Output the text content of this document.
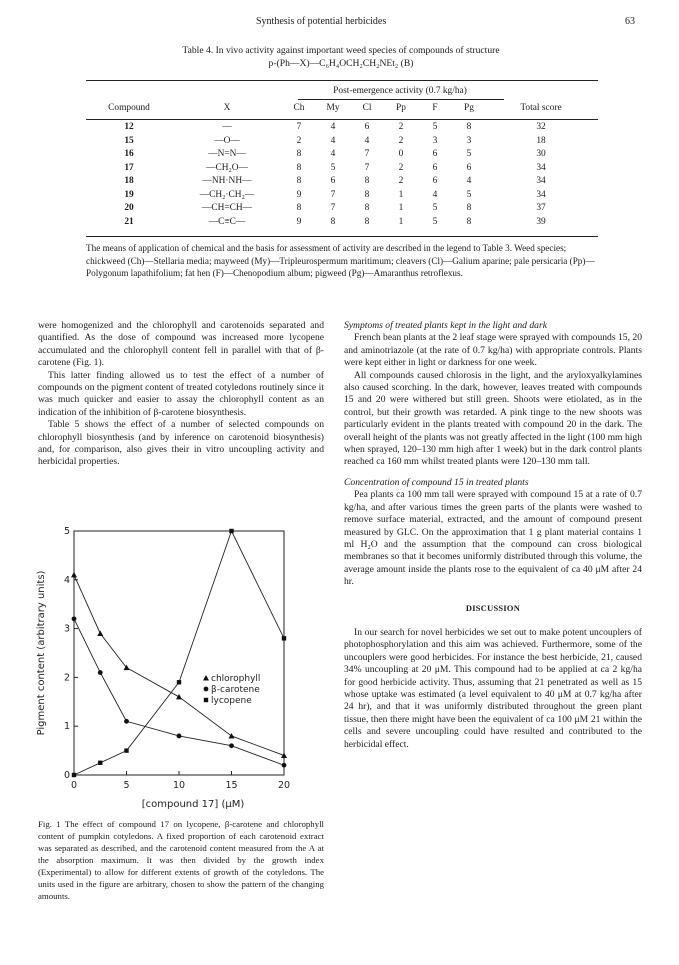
Synthesis of potential herbicides	63
Table 4. In vivo activity against important weed species of compounds of structure
p-(Ph—X)—C₆H₄OCH₂CH₂NEt₂ (B)
Post-emergence activity (0.7 kg/ha)
Compound	X	Ch	My	Cl	Pp	F	Pg	Total score
12	—	7	4	6	2	5	8	32
15	—O—	2	4	4	2	3	3	18
16	—N=N—	8	4	7	0	6	5	30
17	—CH₂O—	8	5	7	2	6	6	34
18	—NH·NH—	8	6	8	2	6	4	34
19	—CH₂·CH₂—	9	7	8	1	4	5	34
20	—CH=CH—	8	7	8	1	5	8	37
21	—C≡C—	9	8	8	1	5	8	39
The means of application of chemical and the basis for assessment of activity are described in the legend to Table 3. Weed species; chickweed (Ch)—Stellaria media; mayweed (My)—Tripleurospermum maritimum; cleavers (Cl)—Galium aparine; pale persicaria (Pp)—Polygonum lapathifolium; fat hen (F)—Chenopodium album; pigweed (Pg)—Amaranthus retroflexus.

were homogenized and the chlorophyll and carotenoids separated and quantified. As the dose of compound was increased more lycopene accumulated and the chlorophyll content fell in parallel with that of β-carotene (Fig. 1).

This latter finding allowed us to test the effect of a number of compounds on the pigment content of treated cotyledons routinely since it was much quicker and easier to assay the chlorophyll content as an indication of the inhibition of β-carotene biosynthesis.

Table 5 shows the effect of a number of selected compounds on chlorophyll biosynthesis (and by inference on carotenoid biosynthesis) and, for comparison, also gives their in vitro uncoupling activity and herbicidal properties.

0	5	10	15	20
0
1
2
3
4
5
[compound 17] (μM)
Pigment content (arbitrary units)	chlorophyll
β-carotene
lycopene
Fig. 1 The effect of compound 17 on lycopene, β-carotene and chlorophyll content of pumpkin cotyledons. A fixed proportion of each carotenoid extract was separated as described, and the carotenoid content measured from the A at the absorption maximum. It was then divided by the growth index (Experimental) to allow for different extents of growth of the cotyledons. The units used in the figure are arbitrary, chosen to show the pattern of the changing amounts.

Symptoms of treated plants kept in the light and dark

French bean plants at the 2 leaf stage were sprayed with compounds 15, 20 and aminotriazole (at the rate of 0.7 kg/ha) with appropriate controls. Plants were kept either in light or darkness for one week.

All compounds caused chlorosis in the light, and the aryloxyalkylamines also caused scorching. In the dark, however, leaves treated with compounds 15 and 20 were withered but still green. Shoots were etiolated, as in the control, but their growth was retarded. A pink tinge to the new shoots was particularly evident in the plants treated with compound 20 in the dark. The overall height of the plants was not greatly affected in the light (100 mm high when sprayed, 120–130 mm high after 1 week) but in the dark control plants reached ca 160 mm whilst treated plants were 120–130 mm tall.

Concentration of compound 15 in treated plants

Pea plants ca 100 mm tall were sprayed with compound 15 at a rate of 0.7 kg/ha, and after various times the green parts of the plants were washed to remove surface material, extracted, and the amount of compound present measured by GLC. On the approximation that 1 g plant material contains 1 ml H₂O and the assumption that the compound can cross biological membranes so that it becomes uniformly distributed through this volume, the average amount inside the plants rose to the equivalent of ca 40 μM after 24 hr.

DISCUSSION

In our search for novel herbicides we set out to make potent uncouplers of photophosphorylation and this aim was achieved. Furthermore, some of the uncouplers were good herbicides. For instance the best herbicide, 21, caused 34% uncoupling at 20 μM. This compound had to be applied at ca 2 kg/ha for good herbicide activity. Thus, assuming that 21 penetrated as well as 15 whose uptake was estimated (a level equivalent to 40 μM at 0.7 kg/ha after 24 hr), and that it was uniformly distributed throughout the green plant tissue, then there might have been the equivalent of ca 100 μM 21 within the cells and severe uncoupling could have resulted and contributed to the herbicidal effect.
